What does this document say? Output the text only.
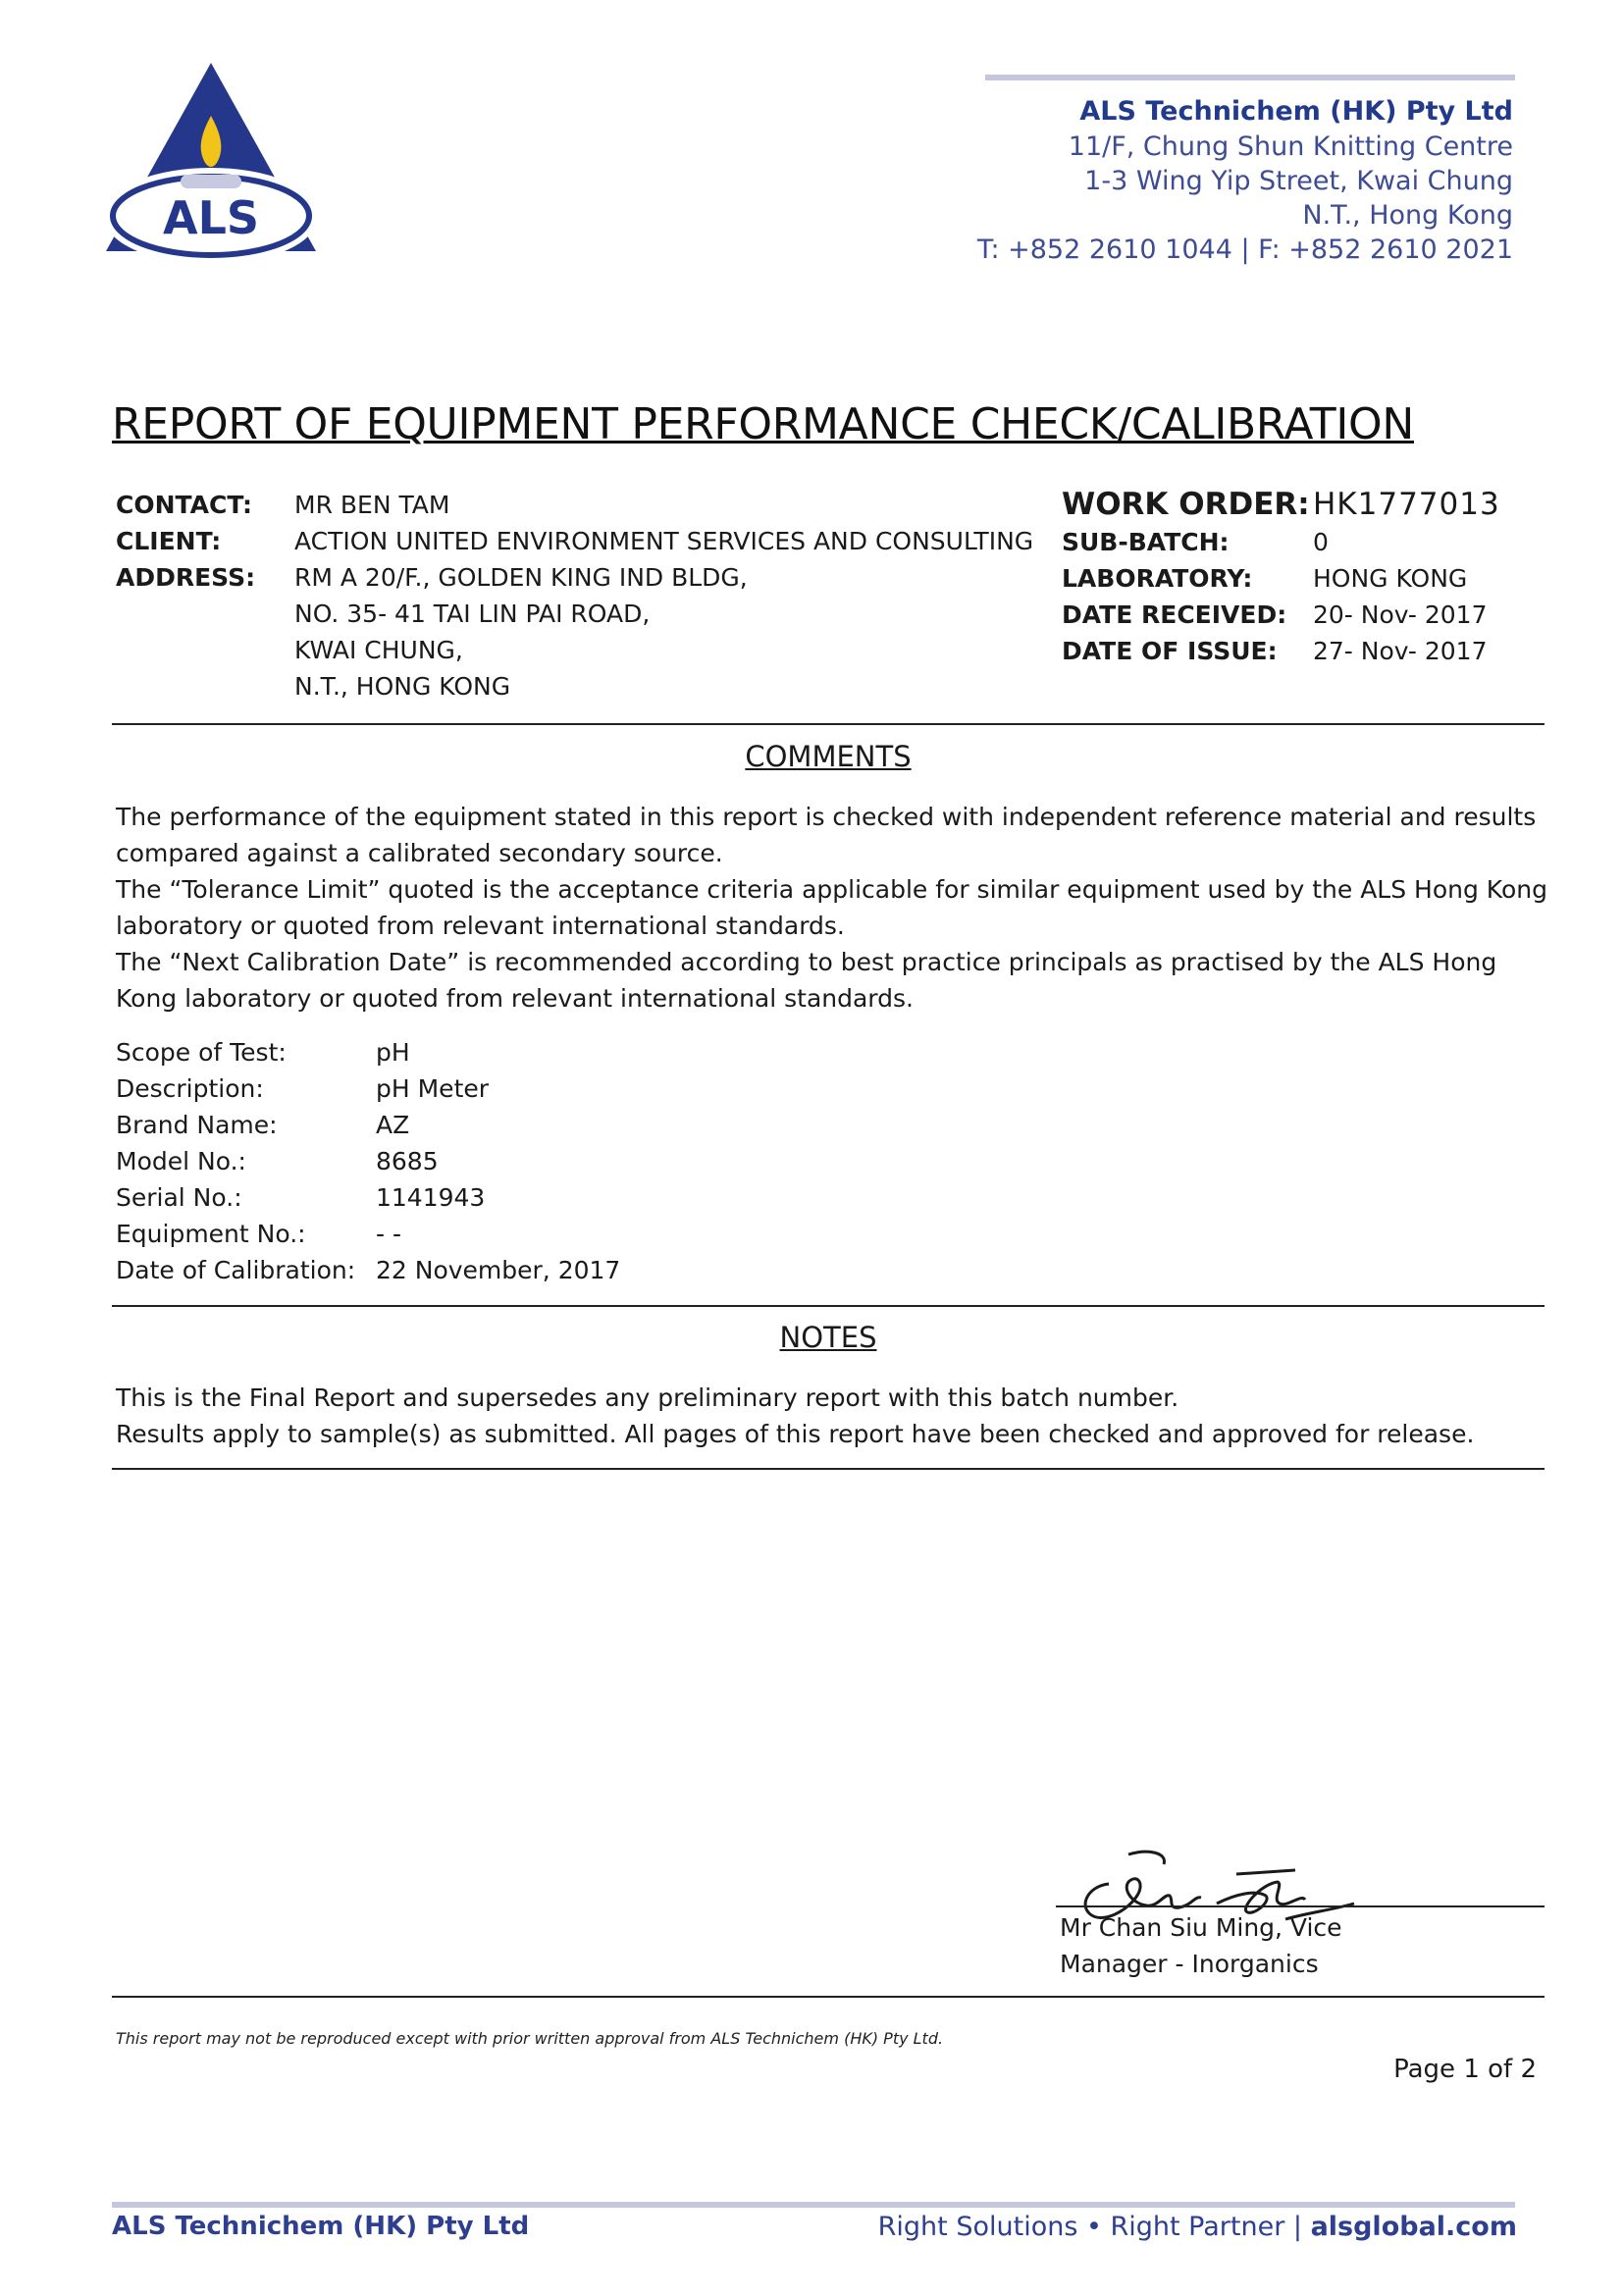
ALS
ALS Technichem (HK) Pty Ltd
11/F, Chung Shun Knitting Centre
1-3 Wing Yip Street, Kwai Chung
N.T., Hong Kong
T: +852 2610 1044 | F: +852 2610 2021
REPORT OF EQUIPMENT PERFORMANCE CHECK/CALIBRATION
CONTACT:
CLIENT:
ADDRESS:
MR BEN TAM
ACTION UNITED ENVIRONMENT SERVICES AND CONSULTING
RM A 20/F., GOLDEN KING IND BLDG,
NO. 35- 41 TAI LIN PAI ROAD,
KWAI CHUNG,
N.T., HONG KONG
WORK ORDER:
SUB-BATCH:
LABORATORY:
DATE RECEIVED:
DATE OF ISSUE:
HK1777013
0
HONG KONG
20- Nov- 2017
27- Nov- 2017
COMMENTS
The performance of the equipment stated in this report is checked with independent reference material and results
compared against a calibrated secondary source.
The “Tolerance Limit” quoted is the acceptance criteria applicable for similar equipment used by the ALS Hong Kong
laboratory or quoted from relevant international standards.
The “Next Calibration Date” is recommended according to best practice principals as practised by the ALS Hong
Kong laboratory or quoted from relevant international standards.
Scope of Test:
Description:
Brand Name:
Model No.:
Serial No.:
Equipment No.:
Date of Calibration:
pH
pH Meter
AZ
8685
1141943
- -
22 November, 2017
NOTES
This is the Final Report and supersedes any preliminary report with this batch number.
Results apply to sample(s) as submitted. All pages of this report have been checked and approved for release.
Mr Chan Siu Ming, Vice
Manager - Inorganics
This report may not be reproduced except with prior written approval from ALS Technichem (HK) Pty Ltd.
Page 1 of 2
ALS Technichem (HK) Pty Ltd	Right Solutions • Right Partner | alsglobal.com
